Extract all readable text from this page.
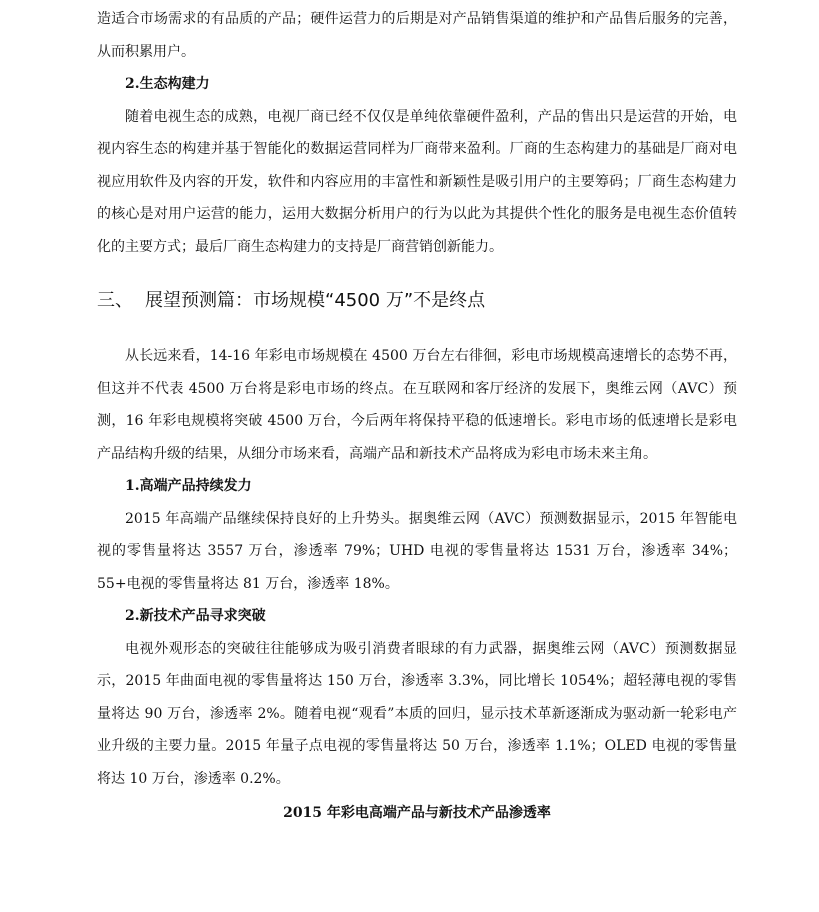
造适合市场需求的有品质的产品；硬件运营力的后期是对产品销售渠道的维护和产品售后服务的完善，从而积累用户。

2.生态构建力

随着电视生态的成熟，电视厂商已经不仅仅是单纯依靠硬件盈利，产品的售出只是运营的开始，电视内容生态的构建并基于智能化的数据运营同样为厂商带来盈利。厂商的生态构建力的基础是厂商对电视应用软件及内容的开发，软件和内容应用的丰富性和新颖性是吸引用户的主要筹码；厂商生态构建力的核心是对用户运营的能力，运用大数据分析用户的行为以此为其提供个性化的服务是电视生态价值转化的主要方式；最后厂商生态构建力的支持是厂商营销创新能力。

三、 展望预测篇：市场规模“4500 万”不是终点

从长远来看，14-16 年彩电市场规模在 4500 万台左右徘徊，彩电市场规模高速增长的态势不再，但这并不代表 4500 万台将是彩电市场的终点。在互联网和客厅经济的发展下，奥维云网（AVC）预测，16 年彩电规模将突破 4500 万台，今后两年将保持平稳的低速增长。彩电市场的低速增长是彩电产品结构升级的结果，从细分市场来看，高端产品和新技术产品将成为彩电市场未来主角。

1.高端产品持续发力

2015 年高端产品继续保持良好的上升势头。据奥维云网（AVC）预测数据显示，2015 年智能电视的零售量将达 3557 万台，渗透率 79%；UHD 电视的零售量将达 1531 万台，渗透率 34%；55+电视的零售量将达 81 万台，渗透率 18%。

2.新技术产品寻求突破

电视外观形态的突破往往能够成为吸引消费者眼球的有力武器，据奥维云网（AVC）预测数据显示，2015 年曲面电视的零售量将达 150 万台，渗透率 3.3%，同比增长 1054%；超轻薄电视的零售量将达 90 万台，渗透率 2%。随着电视“观看”本质的回归，显示技术革新逐渐成为驱动新一轮彩电产业升级的主要力量。2015 年量子点电视的零售量将达 50 万台，渗透率 1.1%；OLED 电视的零售量将达 10 万台，渗透率 0.2%。

2015 年彩电高端产品与新技术产品渗透率
